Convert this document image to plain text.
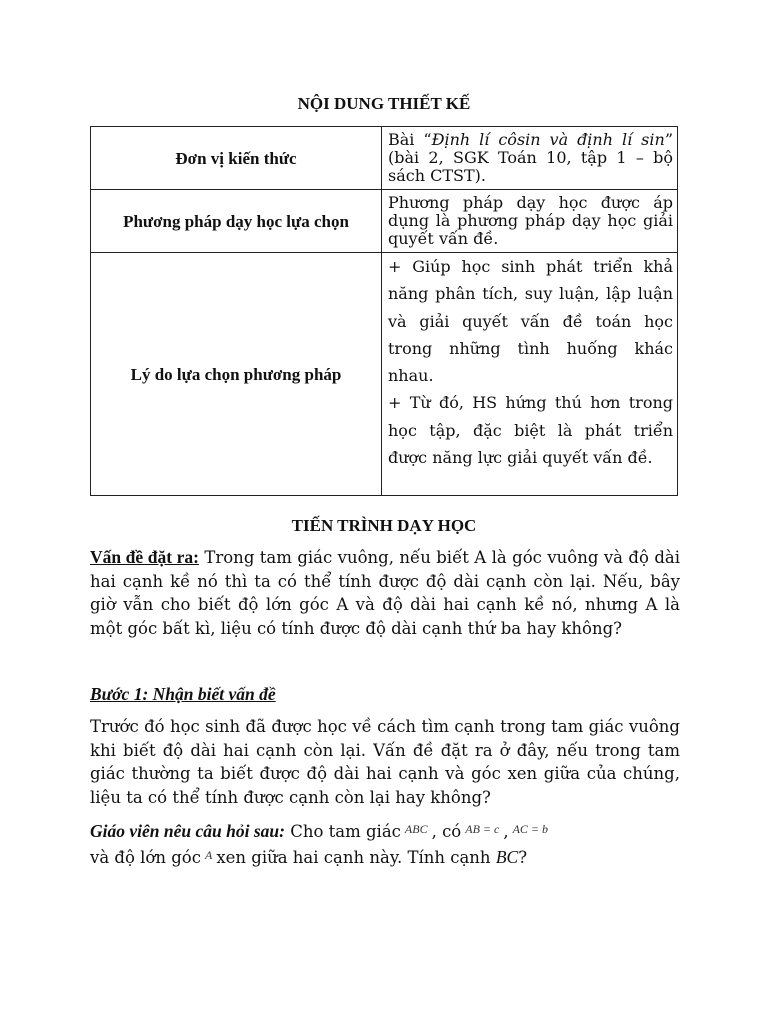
NỘI DUNG THIẾT KẾ
Đơn vị kiến thức	Bài “Định lí côsin và định lí sin” (bài 2, SGK Toán 10, tập 1 – bộ sách CTST).
Phương pháp dạy học lựa chọn	Phương pháp dạy học được áp dụng là phương pháp dạy học giải quyết vấn đề.
Lý do lựa chọn phương pháp	+ Giúp học sinh phát triển khả năng phân tích, suy luận, lập luận và giải quyết vấn đề toán học trong những tình huống khác nhau.
+ Từ đó, HS hứng thú hơn trong học tập, đặc biệt là phát triển được năng lực giải quyết vấn đề.
TIẾN TRÌNH DẠY HỌC
Vấn đề đặt ra: Trong tam giác vuông, nếu biết A là góc vuông và độ dài hai cạnh kề nó thì ta có thể tính được độ dài cạnh còn lại. Nếu, bây giờ vẫn cho biết độ lớn góc A và độ dài hai cạnh kề nó, nhưng A là một góc bất kì, liệu có tính được độ dài cạnh thứ ba hay không?
Bước 1: Nhận biết vấn đề
Trước đó học sinh đã được học về cách tìm cạnh trong tam giác vuông khi biết độ dài hai cạnh còn lại. Vấn đề đặt ra ở đây, nếu trong tam giác thường ta biết được độ dài hai cạnh và góc xen giữa của chúng, liệu ta có thể tính được cạnh còn lại hay không?
Giáo viên nêu câu hỏi sau: Cho tam giác $^{ABC}$ , có $^{AB = c}$ , $^{AC = b}$
và độ lớn góc $^A$ xen giữa hai cạnh này. Tính cạnh BC?
